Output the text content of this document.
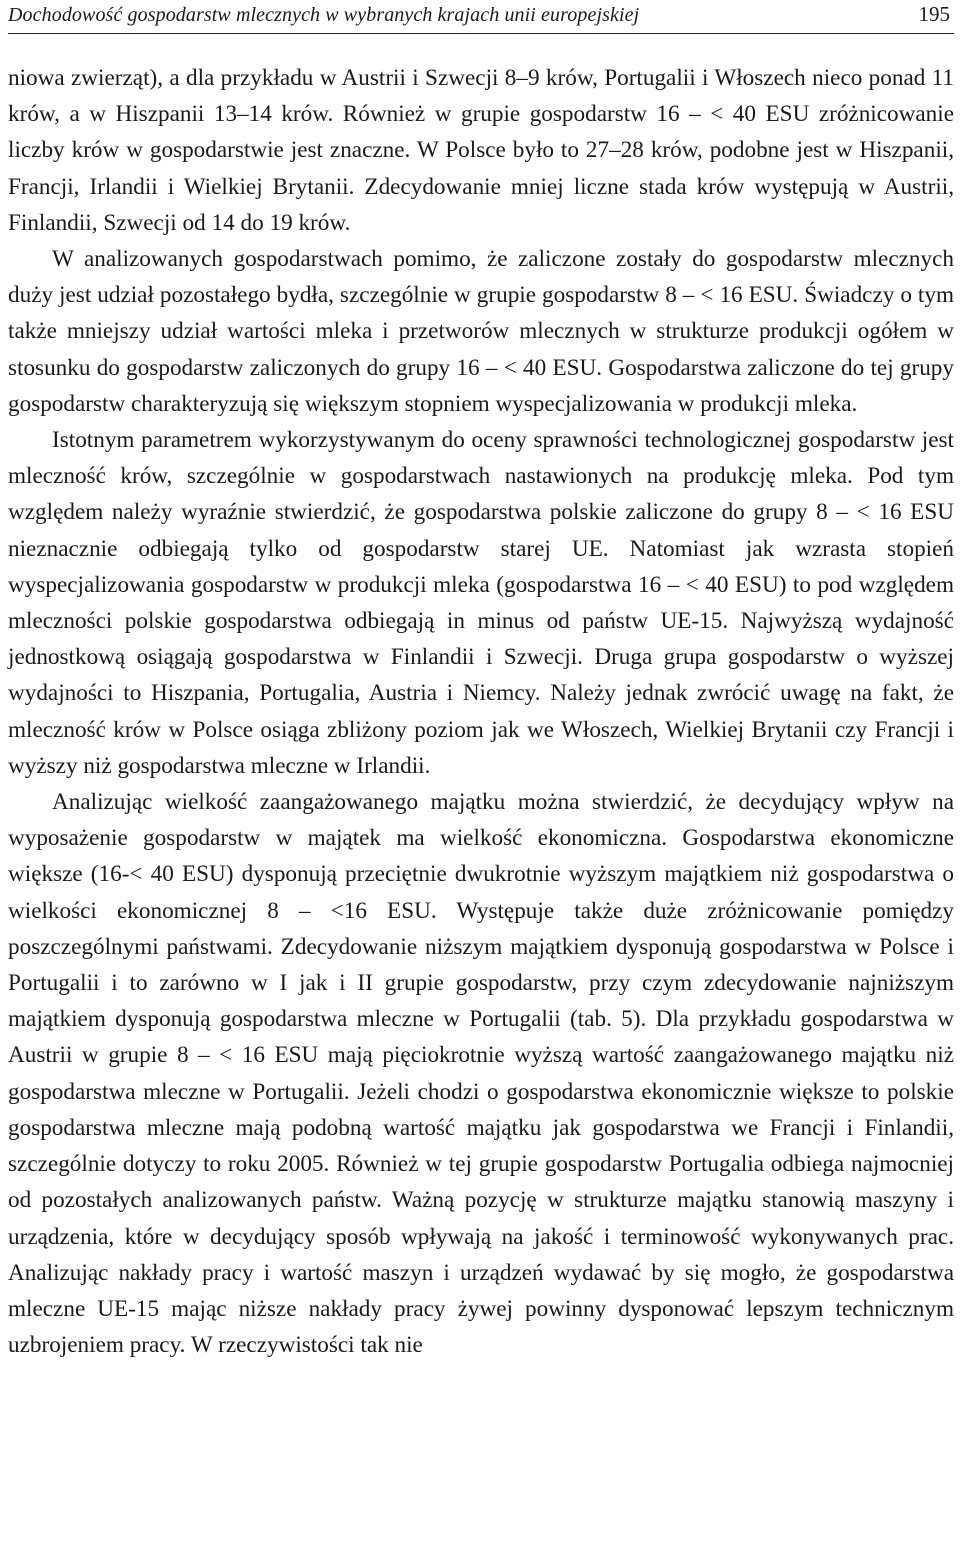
Dochodowość gospodarstw mlecznych w wybranych krajach unii europejskiej	195

niowa zwierząt), a dla przykładu w Austrii i Szwecji 8–9 krów, Portugalii i Włoszech nieco ponad 11 krów, a w Hiszpanii 13–14 krów. Również w grupie gospodarstw 16 – < 40 ESU zróżnicowanie liczby krów w gospodarstwie jest znaczne. W Polsce było to 27–28 krów, podobne jest w Hiszpanii, Francji, Irlandii i Wielkiej Brytanii. Zdecydowanie mniej liczne stada krów występują w Austrii, Finlandii, Szwecji od 14 do 19 krów.

W analizowanych gospodarstwach pomimo, że zaliczone zostały do gospodarstw mlecznych duży jest udział pozostałego bydła, szczególnie w grupie gospodarstw 8 – < 16 ESU. Świadczy o tym także mniejszy udział wartości mleka i przetworów mlecznych w strukturze produkcji ogółem w stosunku do gospodarstw zaliczonych do grupy 16 – < 40 ESU. Gospodarstwa zaliczone do tej grupy gospodarstw charakteryzują się większym stopniem wyspecjalizowania w produkcji mleka.

Istotnym parametrem wykorzystywanym do oceny sprawności technologicznej gospodarstw jest mleczność krów, szczególnie w gospodarstwach nastawionych na produkcję mleka. Pod tym względem należy wyraźnie stwierdzić, że gospodarstwa polskie zaliczone do grupy 8 – < 16 ESU nieznacznie odbiegają tylko od gospodarstw starej UE. Natomiast jak wzrasta stopień wyspecjalizowania gospodarstw w produkcji mleka (gospodarstwa 16 – < 40 ESU) to pod względem mleczności polskie gospodarstwa odbiegają in minus od państw UE-15. Najwyższą wydajność jednostkową osiągają gospodarstwa w Finlandii i Szwecji. Druga grupa gospodarstw o wyższej wydajności to Hiszpania, Portugalia, Austria i Niemcy. Należy jednak zwrócić uwagę na fakt, że mleczność krów w Polsce osiąga zbliżony poziom jak we Włoszech, Wielkiej Brytanii czy Francji i wyższy niż gospodarstwa mleczne w Irlandii.

Analizując wielkość zaangażowanego majątku można stwierdzić, że decydujący wpływ na wyposażenie gospodarstw w majątek ma wielkość ekonomiczna. Gospodarstwa ekonomiczne większe (16-< 40 ESU) dysponują przeciętnie dwukrotnie wyższym majątkiem niż gospodarstwa o wielkości ekonomicznej 8 – <16 ESU. Występuje także duże zróżnicowanie pomiędzy poszczególnymi państwami. Zdecydowanie niższym majątkiem dysponują gospodarstwa w Polsce i Portugalii i to zarówno w I jak i II grupie gospodarstw, przy czym zdecydowanie najniższym majątkiem dysponują gospodarstwa mleczne w Portugalii (tab. 5). Dla przykładu gospodarstwa w Austrii w grupie 8 – < 16 ESU mają pięciokrotnie wyższą wartość zaangażowanego majątku niż gospodarstwa mleczne w Portugalii. Jeżeli chodzi o gospodarstwa ekonomicznie większe to polskie gospodarstwa mleczne mają podobną wartość majątku jak gospodarstwa we Francji i Finlandii, szczególnie dotyczy to roku 2005. Również w tej grupie gospodarstw Portugalia odbiega najmocniej od pozostałych analizowanych państw. Ważną pozycję w strukturze majątku stanowią maszyny i urządzenia, które w decydujący sposób wpływają na jakość i terminowość wykonywanych prac. Analizując nakłady pracy i wartość maszyn i urządzeń wydawać by się mogło, że gospodarstwa mleczne UE-15 mając niższe nakłady pracy żywej powinny dysponować lepszym technicznym uzbrojeniem pracy. W rzeczywistości tak nie
